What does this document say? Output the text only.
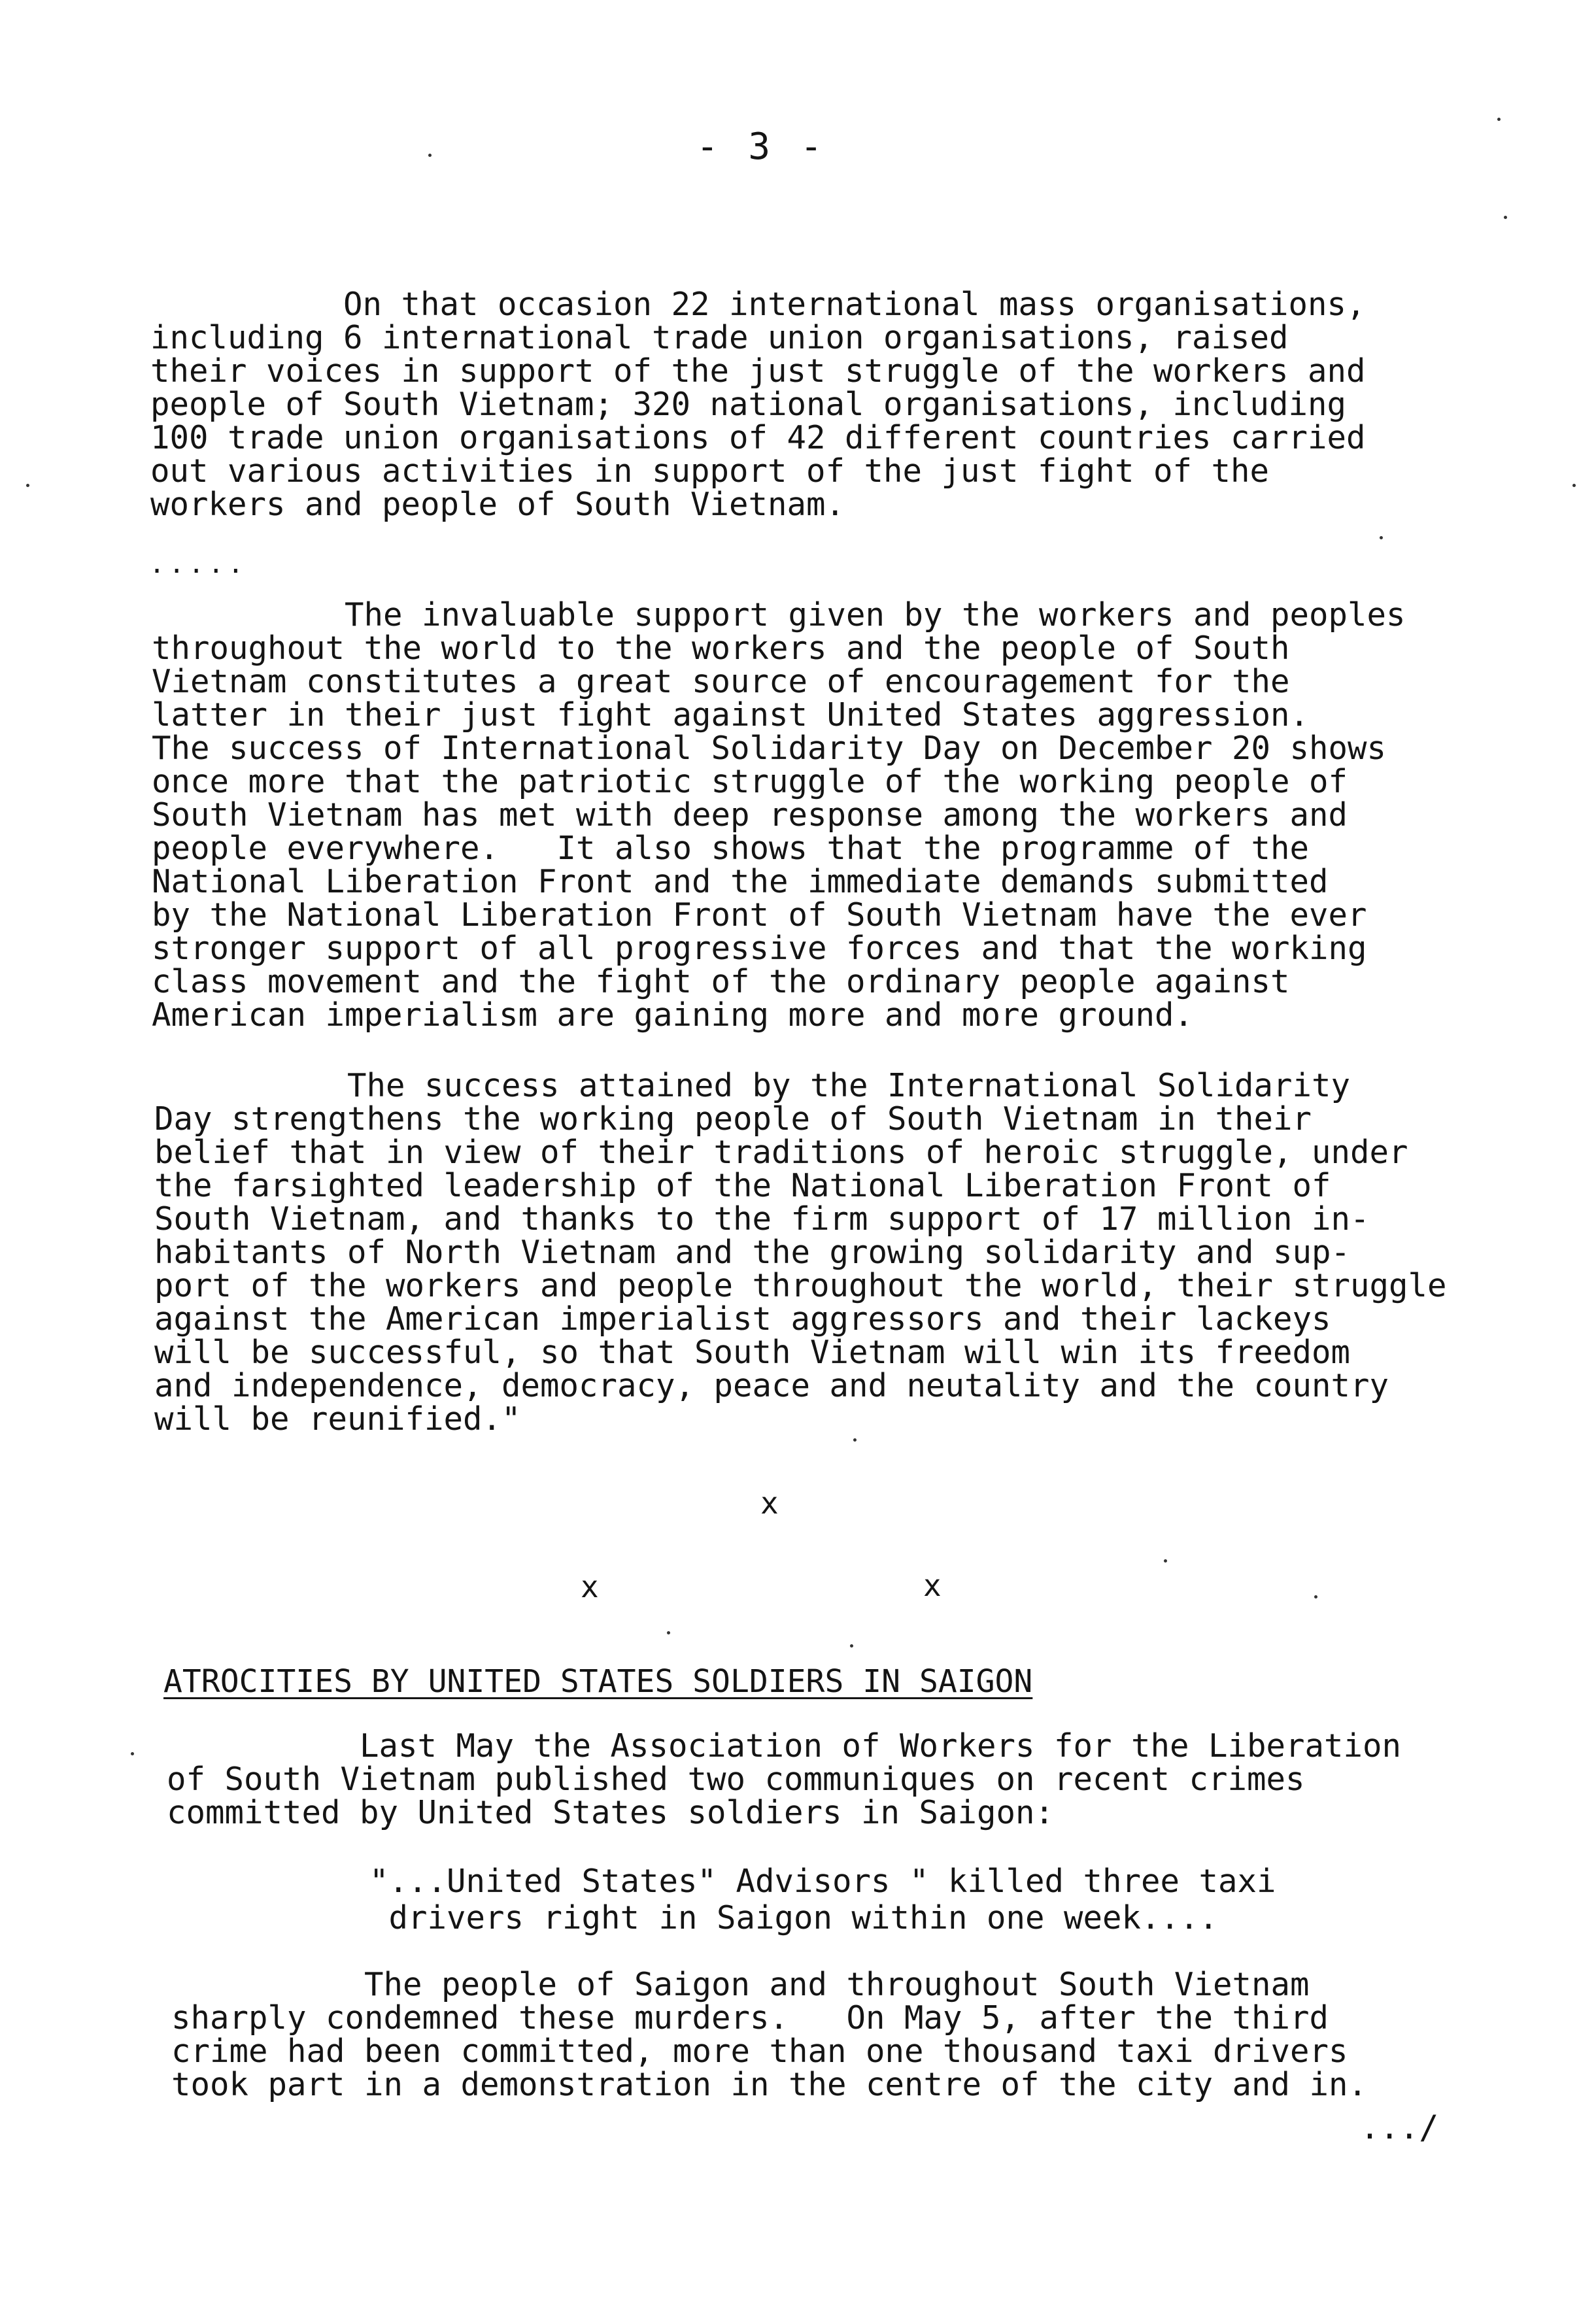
- 3 -
On that occasion 22 international mass organisations,
including 6 international trade union organisations, raised
their voices in support of the just struggle of the workers and
people of South Vietnam; 320 national organisations, including
100 trade union organisations of 42 different countries carried
out various activities in support of the just fight of the
workers and people of South Vietnam.
.....
The invaluable support given by the workers and peoples
throughout the world to the workers and the people of South
Vietnam constitutes a great source of encouragement for the
latter in their just fight against United States aggression.
The success of International Solidarity Day on December 20 shows
once more that the patriotic struggle of the working people of
South Vietnam has met with deep response among the workers and
people everywhere.   It also shows that the programme of the
National Liberation Front and the immediate demands submitted
by the National Liberation Front of South Vietnam have the ever
stronger support of all progressive forces and that the working
class movement and the fight of the ordinary people against
American imperialism are gaining more and more ground.
The success attained by the International Solidarity
Day strengthens the working people of South Vietnam in their
belief that in view of their traditions of heroic struggle, under
the farsighted leadership of the National Liberation Front of
South Vietnam, and thanks to the firm support of 17 million in-
habitants of North Vietnam and the growing solidarity and sup-
port of the workers and people throughout the world, their struggle
against the American imperialist aggressors and their lackeys
will be successful, so that South Vietnam will win its freedom
and independence, democracy, peace and neutality and the country
will be reunified."
x
x	x
ATROCITIES BY UNITED STATES SOLDIERS IN SAIGON
Last May the Association of Workers for the Liberation
of South Vietnam published two communiques on recent crimes
committed by United States soldiers in Saigon:
"...United States" Advisors " killed three taxi
drivers right in Saigon within one week....
The people of Saigon and throughout South Vietnam
sharply condemned these murders.   On May 5, after the third
crime had been committed, more than one thousand taxi drivers
took part in a demonstration in the centre of the city and in.
.../
